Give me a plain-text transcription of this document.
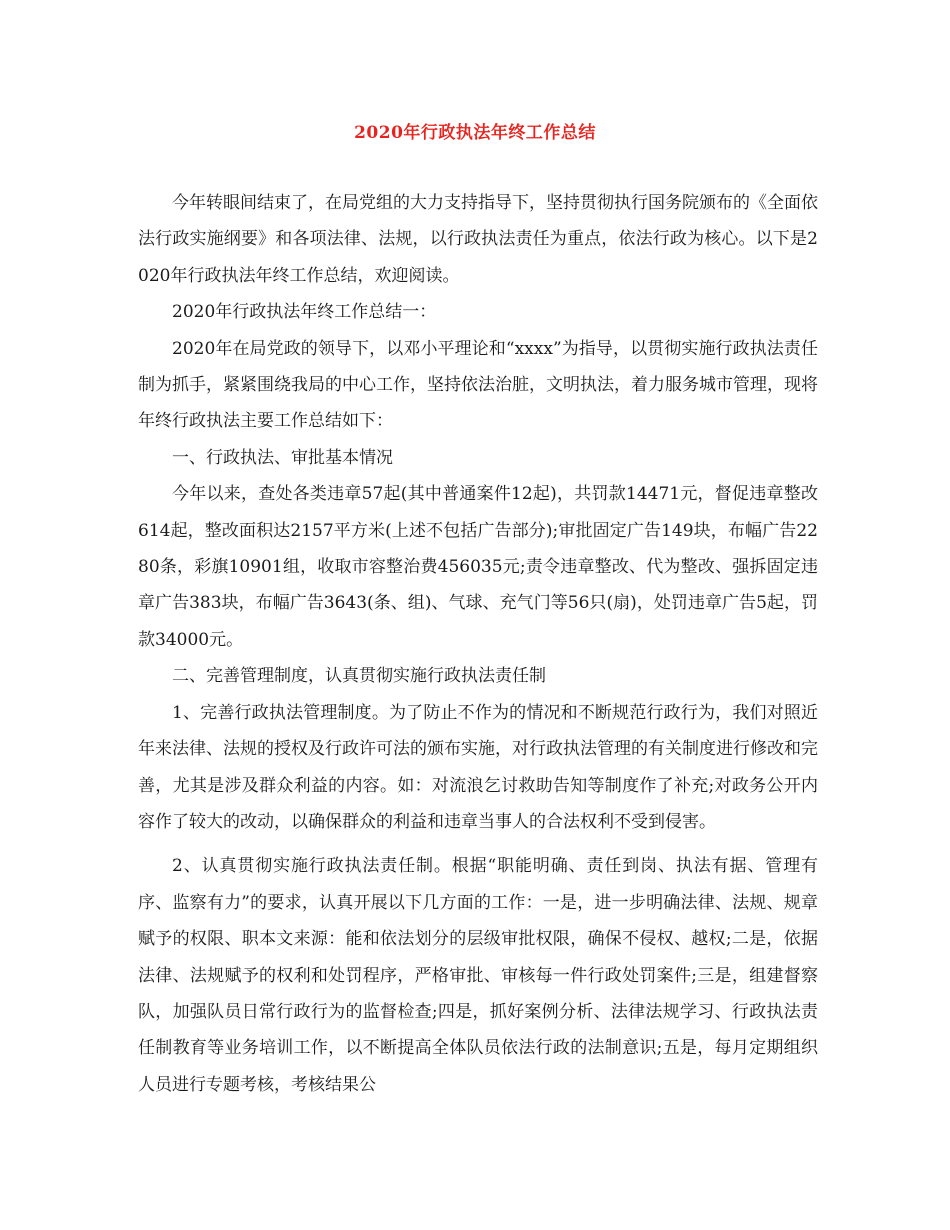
2020年行政执法年终工作总结

今年转眼间结束了，在局党组的大力支持指导下，坚持贯彻执行国务院颁布的《全面依法行政实施纲要》和各项法律、法规，以行政执法责任为重点，依法行政为核心。以下是2020年行政执法年终工作总结，欢迎阅读。

2020年行政执法年终工作总结一：

2020年在局党政的领导下，以邓小平理论和“xxxx”为指导，以贯彻实施行政执法责任制为抓手，紧紧围绕我局的中心工作，坚持依法治脏，文明执法，着力服务城市管理，现将年终行政执法主要工作总结如下：

一、行政执法、审批基本情况

今年以来，查处各类违章57起(其中普通案件12起)，共罚款14471元，督促违章整改614起，整改面积达2157平方米(上述不包括广告部分);审批固定广告149块，布幅广告2280条，彩旗10901组，收取市容整治费456035元;责令违章整改、代为整改、强拆固定违章广告383块，布幅广告3643(条、组)、气球、充气门等56只(扇)，处罚违章广告5起，罚款34000元。

二、完善管理制度，认真贯彻实施行政执法责任制

1、完善行政执法管理制度。为了防止不作为的情况和不断规范行政行为，我们对照近年来法律、法规的授权及行政许可法的颁布实施，对行政执法管理的有关制度进行修改和完善，尤其是涉及群众利益的内容。如：对流浪乞讨救助告知等制度作了补充;对政务公开内容作了较大的改动，以确保群众的利益和违章当事人的合法权利不受到侵害。

2、认真贯彻实施行政执法责任制。根据“职能明确、责任到岗、执法有据、管理有序、监察有力”的要求，认真开展以下几方面的工作：一是，进一步明确法律、法规、规章赋予的权限、职本文来源：能和依法划分的层级审批权限，确保不侵权、越权;二是，依据法律、法规赋予的权利和处罚程序，严格审批、审核每一件行政处罚案件;三是，组建督察队，加强队员日常行政行为的监督检查;四是，抓好案例分析、法律法规学习、行政执法责任制教育等业务培训工作，以不断提高全体队员依法行政的法制意识;五是，每月定期组织人员进行专题考核，考核结果公
